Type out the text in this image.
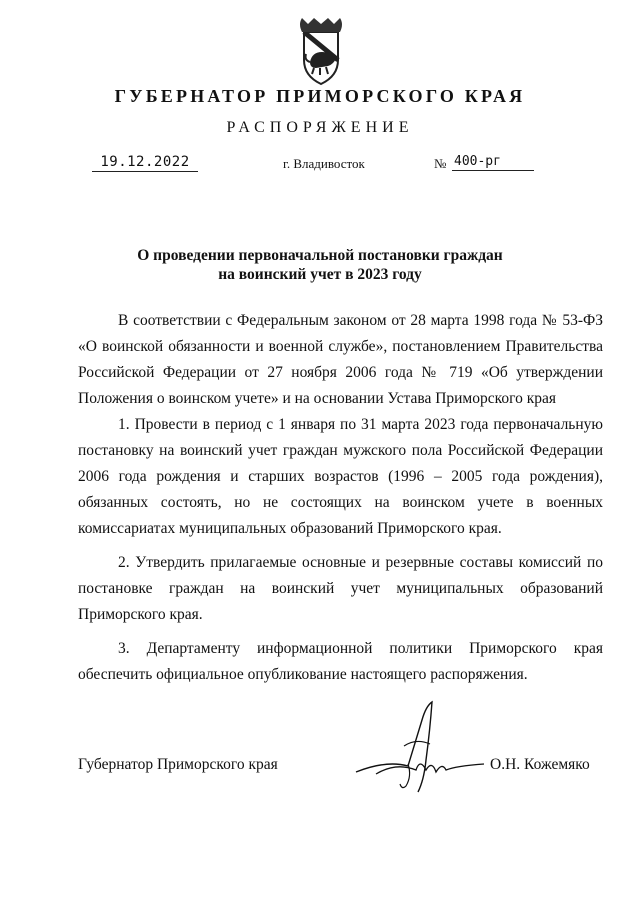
ГУБЕРНАТОР ПРИМОРСКОГО КРАЯ
РАСПОРЯЖЕНИЕ
19.12.2022	г. Владивосток	№ 400-рг
О проведении первоначальной постановки граждан
на воинский учет в 2023 году

В соответствии с Федеральным законом от 28 марта 1998 года № 53-ФЗ «О воинской обязанности и военной службе», постановлением Правительства Российской Федерации от 27 ноября 2006 года № 719 «Об утверждении Положения о воинском учете» и на основании Устава Приморского края

1. Провести в период с 1 января по 31 марта 2023 года первоначальную постановку на воинский учет граждан мужского пола Российской Федерации 2006 года рождения и старших возрастов (1996 – 2005 года рождения), обязанных состоять, но не состоящих на воинском учете в военных комиссариатах муниципальных образований Приморского края.

2. Утвердить прилагаемые основные и резервные составы комиссий по постановке граждан на воинский учет муниципальных образований Приморского края.

3. Департаменту информационной политики Приморского края обеспечить официальное опубликование настоящего распоряжения.

Губернатор Приморского края	О.Н. Кожемяко
